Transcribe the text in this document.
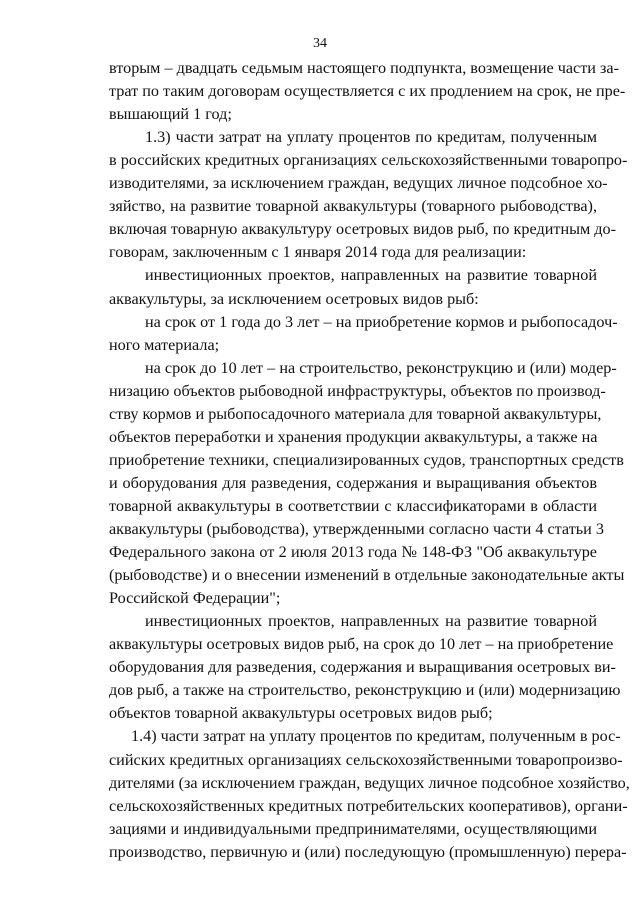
34
вторым – двадцать седьмым настоящего подпункта, возмещение части за-
трат по таким договорам осуществляется с их продлением на срок, не пре-
вышающий 1 год;
1.3) части затрат на уплату процентов по кредитам, полученным
в российских кредитных организациях сельскохозяйственными товаропро-
изводителями, за исключением граждан, ведущих личное подсобное хо-
зяйство, на развитие товарной аквакультуры (товарного рыбоводства),
включая товарную аквакультуру осетровых видов рыб, по кредитным до-
говорам, заключенным с 1 января 2014 года для реализации:
инвестиционных проектов, направленных на развитие товарной
аквакультуры, за исключением осетровых видов рыб:
на срок от 1 года до 3 лет – на приобретение кормов и рыбопосадоч-
ного материала;
на срок до 10 лет – на строительство, реконструкцию и (или) модер-
низацию объектов рыбоводной инфраструктуры, объектов по производ-
ству кормов и рыбопосадочного материала для товарной аквакультуры,
объектов переработки и хранения продукции аквакультуры, а также на
приобретение техники, специализированных судов, транспортных средств
и оборудования для разведения, содержания и выращивания объектов
товарной аквакультуры в соответствии с классификаторами в области
аквакультуры (рыбоводства), утвержденными согласно части 4 статьи 3
Федерального закона от 2 июля 2013 года № 148-ФЗ "Об аквакультуре
(рыбоводстве) и о внесении изменений в отдельные законодательные акты
Российской Федерации";
инвестиционных проектов, направленных на развитие товарной
аквакультуры осетровых видов рыб, на срок до 10 лет – на приобретение
оборудования для разведения, содержания и выращивания осетровых ви-
дов рыб, а также на строительство, реконструкцию и (или) модернизацию
объектов товарной аквакультуры осетровых видов рыб;
1.4) части затрат на уплату процентов по кредитам, полученным в рос-
сийских кредитных организациях сельскохозяйственными товаропроизво-
дителями (за исключением граждан, ведущих личное подсобное хозяйство,
сельскохозяйственных кредитных потребительских кооперативов), органи-
зациями и индивидуальными предпринимателями, осуществляющими
производство, первичную и (или) последующую (промышленную) перера-
